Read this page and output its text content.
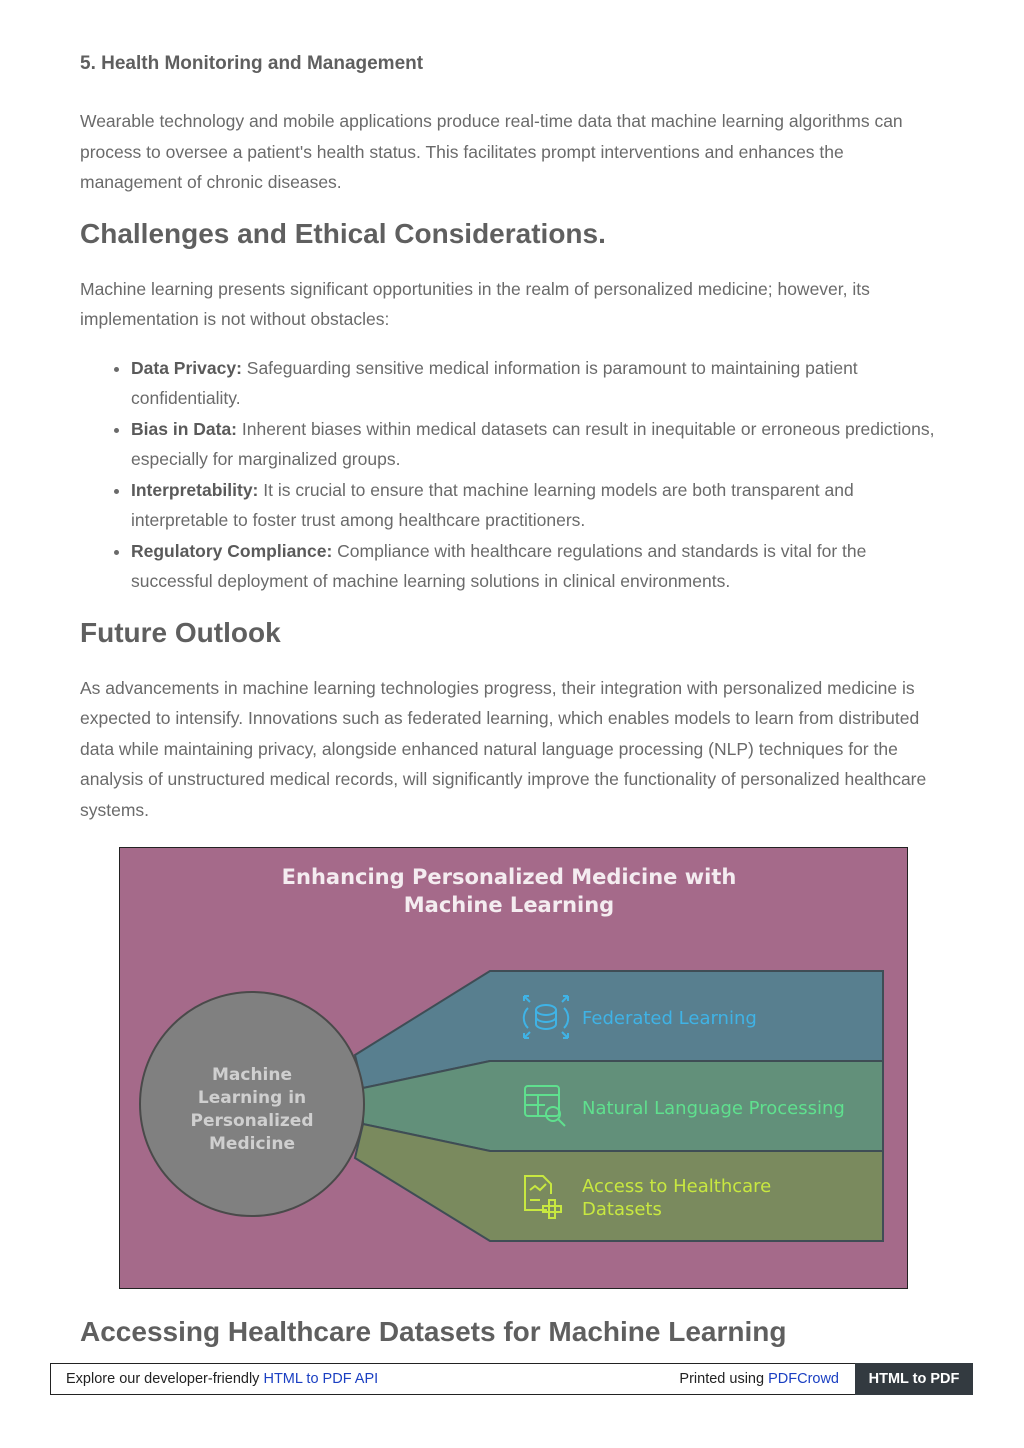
5. Health Monitoring and Management

Wearable technology and mobile applications produce real-time data that machine learning algorithms can process to oversee a patient's health status. This facilitates prompt interventions and enhances the management of chronic diseases.

Challenges and Ethical Considerations.

Machine learning presents significant opportunities in the realm of personalized medicine; however, its implementation is not without obstacles:

• Data Privacy: Safeguarding sensitive medical information is paramount to maintaining patient confidentiality.
• Bias in Data: Inherent biases within medical datasets can result in inequitable or erroneous predictions, especially for marginalized groups.
• Interpretability: It is crucial to ensure that machine learning models are both transparent and interpretable to foster trust among healthcare practitioners.
• Regulatory Compliance: Compliance with healthcare regulations and standards is vital for the successful deployment of machine learning solutions in clinical environments.
Future Outlook

As advancements in machine learning technologies progress, their integration with personalized medicine is expected to intensify. Innovations such as federated learning, which enables models to learn from distributed data while maintaining privacy, alongside enhanced natural language processing (NLP) techniques for the analysis of unstructured medical records, will significantly improve the functionality of personalized healthcare systems.

Enhancing Personalized Medicine with
Machine Learning
Machine
Learning in
Personalized
Medicine
Federated Learning
Natural Language Processing
Access to Healthcare
Datasets
Accessing Healthcare Datasets for Machine Learning
Explore our developer-friendly HTML to PDF API	Printed using PDFCrowd	HTML to PDF
